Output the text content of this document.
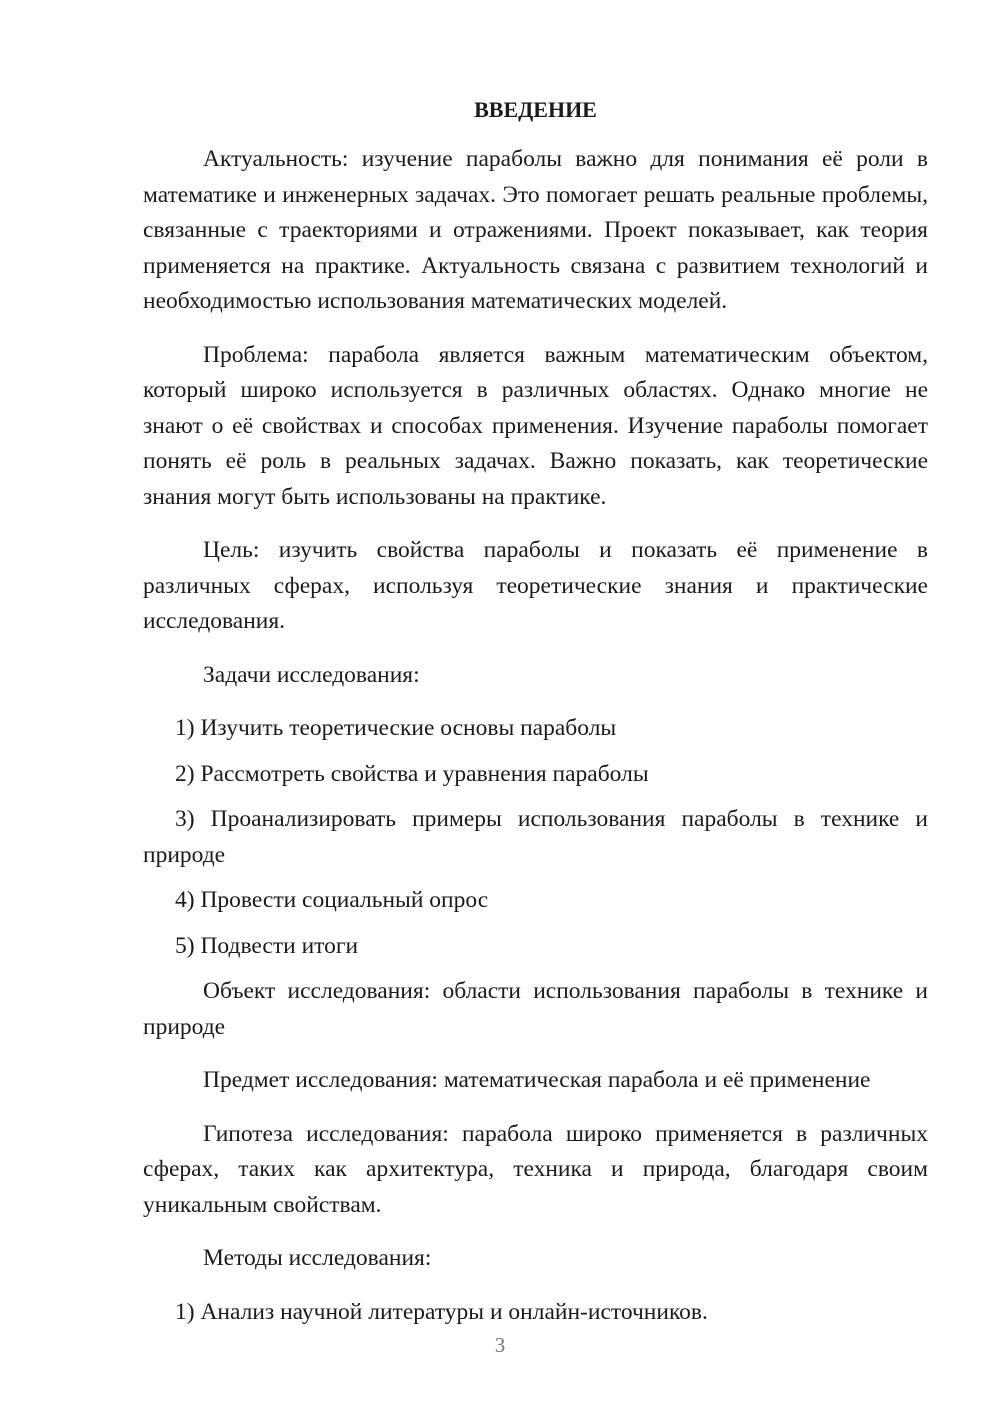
ВВЕДЕНИЕ

Актуальность: изучение параболы важно для понимания её роли в математике и инженерных задачах. Это помогает решать реальные проблемы, связанные с траекториями и отражениями. Проект показывает, как теория применяется на практике. Актуальность связана с развитием технологий и необходимостью использования математических моделей.

Проблема: парабола является важным математическим объектом, который широко используется в различных областях. Однако многие не знают о её свойствах и способах применения. Изучение параболы помогает понять её роль в реальных задачах. Важно показать, как теоретические знания могут быть использованы на практике.

Цель: изучить свойства параболы и показать её применение в различных сферах, используя теоретические знания и практические исследования.

Задачи исследования:

1) Изучить теоретические основы параболы

2) Рассмотреть свойства и уравнения параболы

3) Проанализировать примеры использования параболы в технике и природе

4) Провести социальный опрос

5) Подвести итоги

Объект исследования: области использования параболы в технике и природе

Предмет исследования: математическая парабола и её применение

Гипотеза исследования: парабола широко применяется в различных сферах, таких как архитектура, техника и природа, благодаря своим уникальным свойствам.

Методы исследования:

1) Анализ научной литературы и онлайн-источников.

3
